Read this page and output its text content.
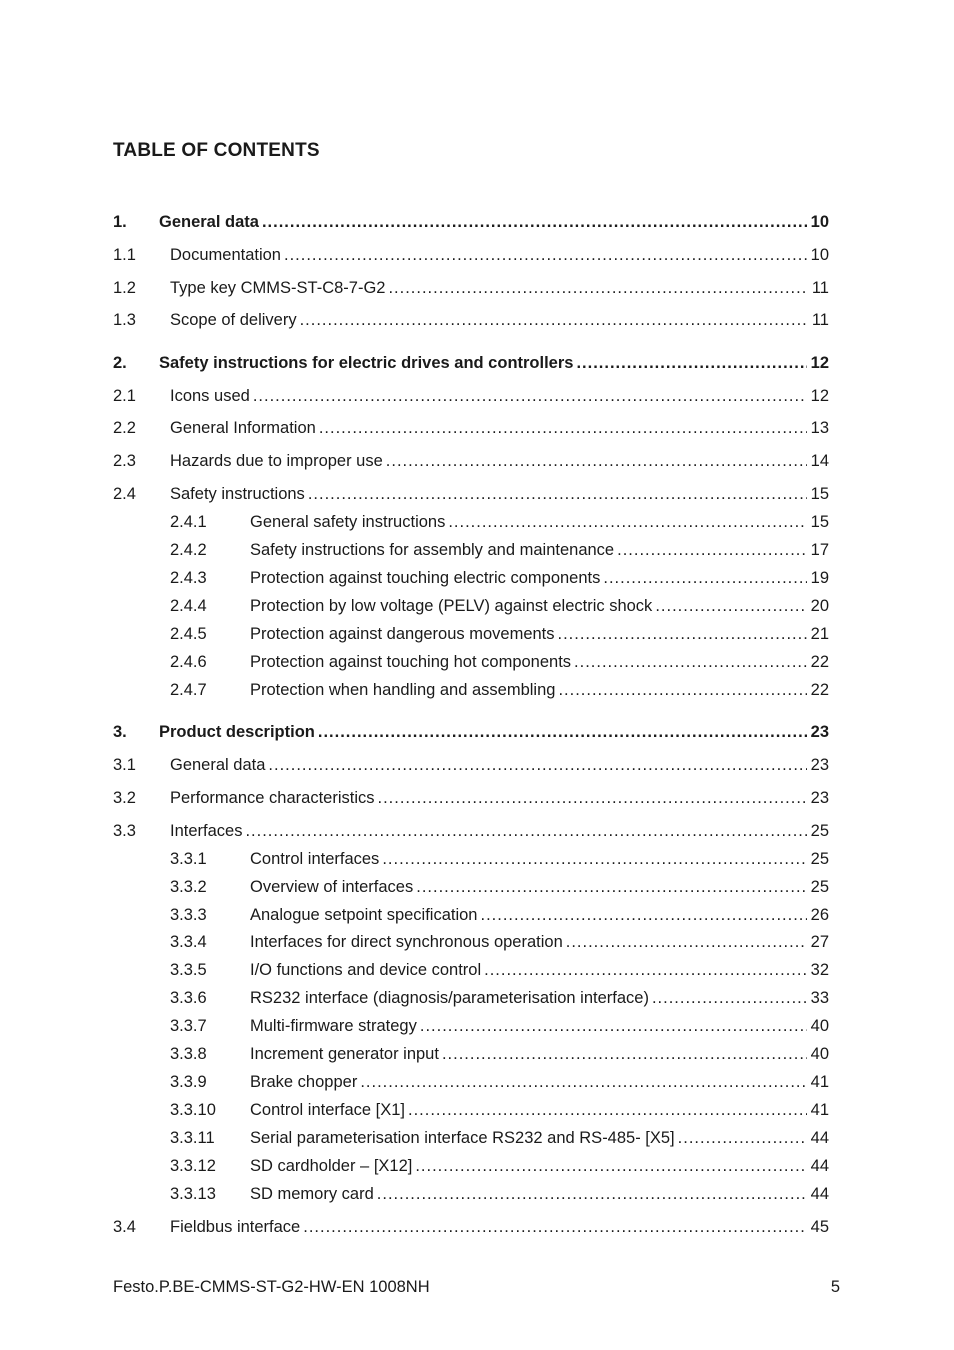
TABLE OF CONTENTS
1. General data .....	10
1.1 Documentation .....	10
1.2 Type key CMMS-ST-C8-7-G2 .....	11
1.3 Scope of delivery .....	11
2. Safety instructions for electric drives and controllers .....	12
2.1 Icons used .....	12
2.2 General Information .....	13
2.3 Hazards due to improper use .....	14
2.4 Safety instructions .....	15
2.4.1	General safety instructions .....	15
2.4.2	Safety instructions for assembly and maintenance .....	17
2.4.3	Protection against touching electric components .....	19
2.4.4	Protection by low voltage (PELV) against electric shock .....	20
2.4.5	Protection against dangerous movements .....	21
2.4.6	Protection against touching hot components .....	22
2.4.7	Protection when handling and assembling .....	22
3. Product description .....	23
3.1 General data .....	23
3.2 Performance characteristics .....	23
3.3 Interfaces .....	25
3.3.1	Control interfaces .....	25
3.3.2	Overview of interfaces .....	25
3.3.3	Analogue setpoint specification .....	26
3.3.4	Interfaces for direct synchronous operation .....	27
3.3.5	I/O functions and device control .....	32
3.3.6	RS232 interface (diagnosis/parameterisation interface) .....	33
3.3.7	Multi-firmware strategy .....	40
3.3.8	Increment generator input .....	40
3.3.9	Brake chopper .....	41
3.3.10 Control interface [X1] .....	41
3.3.11 Serial parameterisation interface RS232 and RS-485- [X5] .....	44
3.3.12 SD cardholder – [X12] .....	44
3.3.13 SD memory card .....	44
3.4 Fieldbus interface .....	45
Festo.P.BE-CMMS-ST-G2-HW-EN 1008NH	5
